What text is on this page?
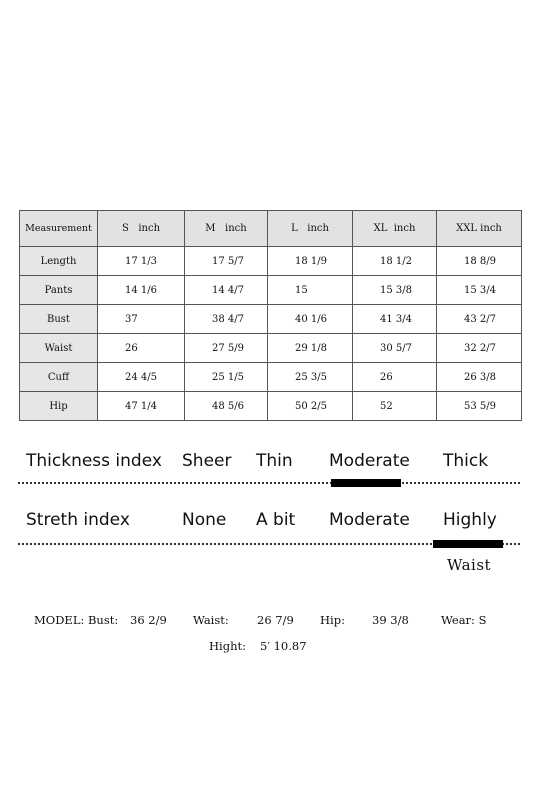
Measurement	S   inch	M   inch	L   inch	XL  inch	XXL inch
Length	17 1/3	17 5/7	18 1/9	18 1/2	18 8/9
Pants	14 1/6	14 4/7	15	15 3/8	15 3/4
Bust	37	38 4/7	40 1/6	41 3/4	43 2/7
Waist	26	27 5/9	29 1/8	30 5/7	32 2/7
Cuff	24 4/5	25 1/5	25 3/5	26	26 3/8
Hip	47 1/4	48 5/6	50 2/5	52	53 5/9
Thickness index Sheer Thin Moderate Thick
Streth index	None A bit Moderate Highly
Waist
MODEL: Bust: 36 2/9 Waist: 26 7/9 Hip: 39 3/8	Wear: S
Hight: 5′ 10.87
